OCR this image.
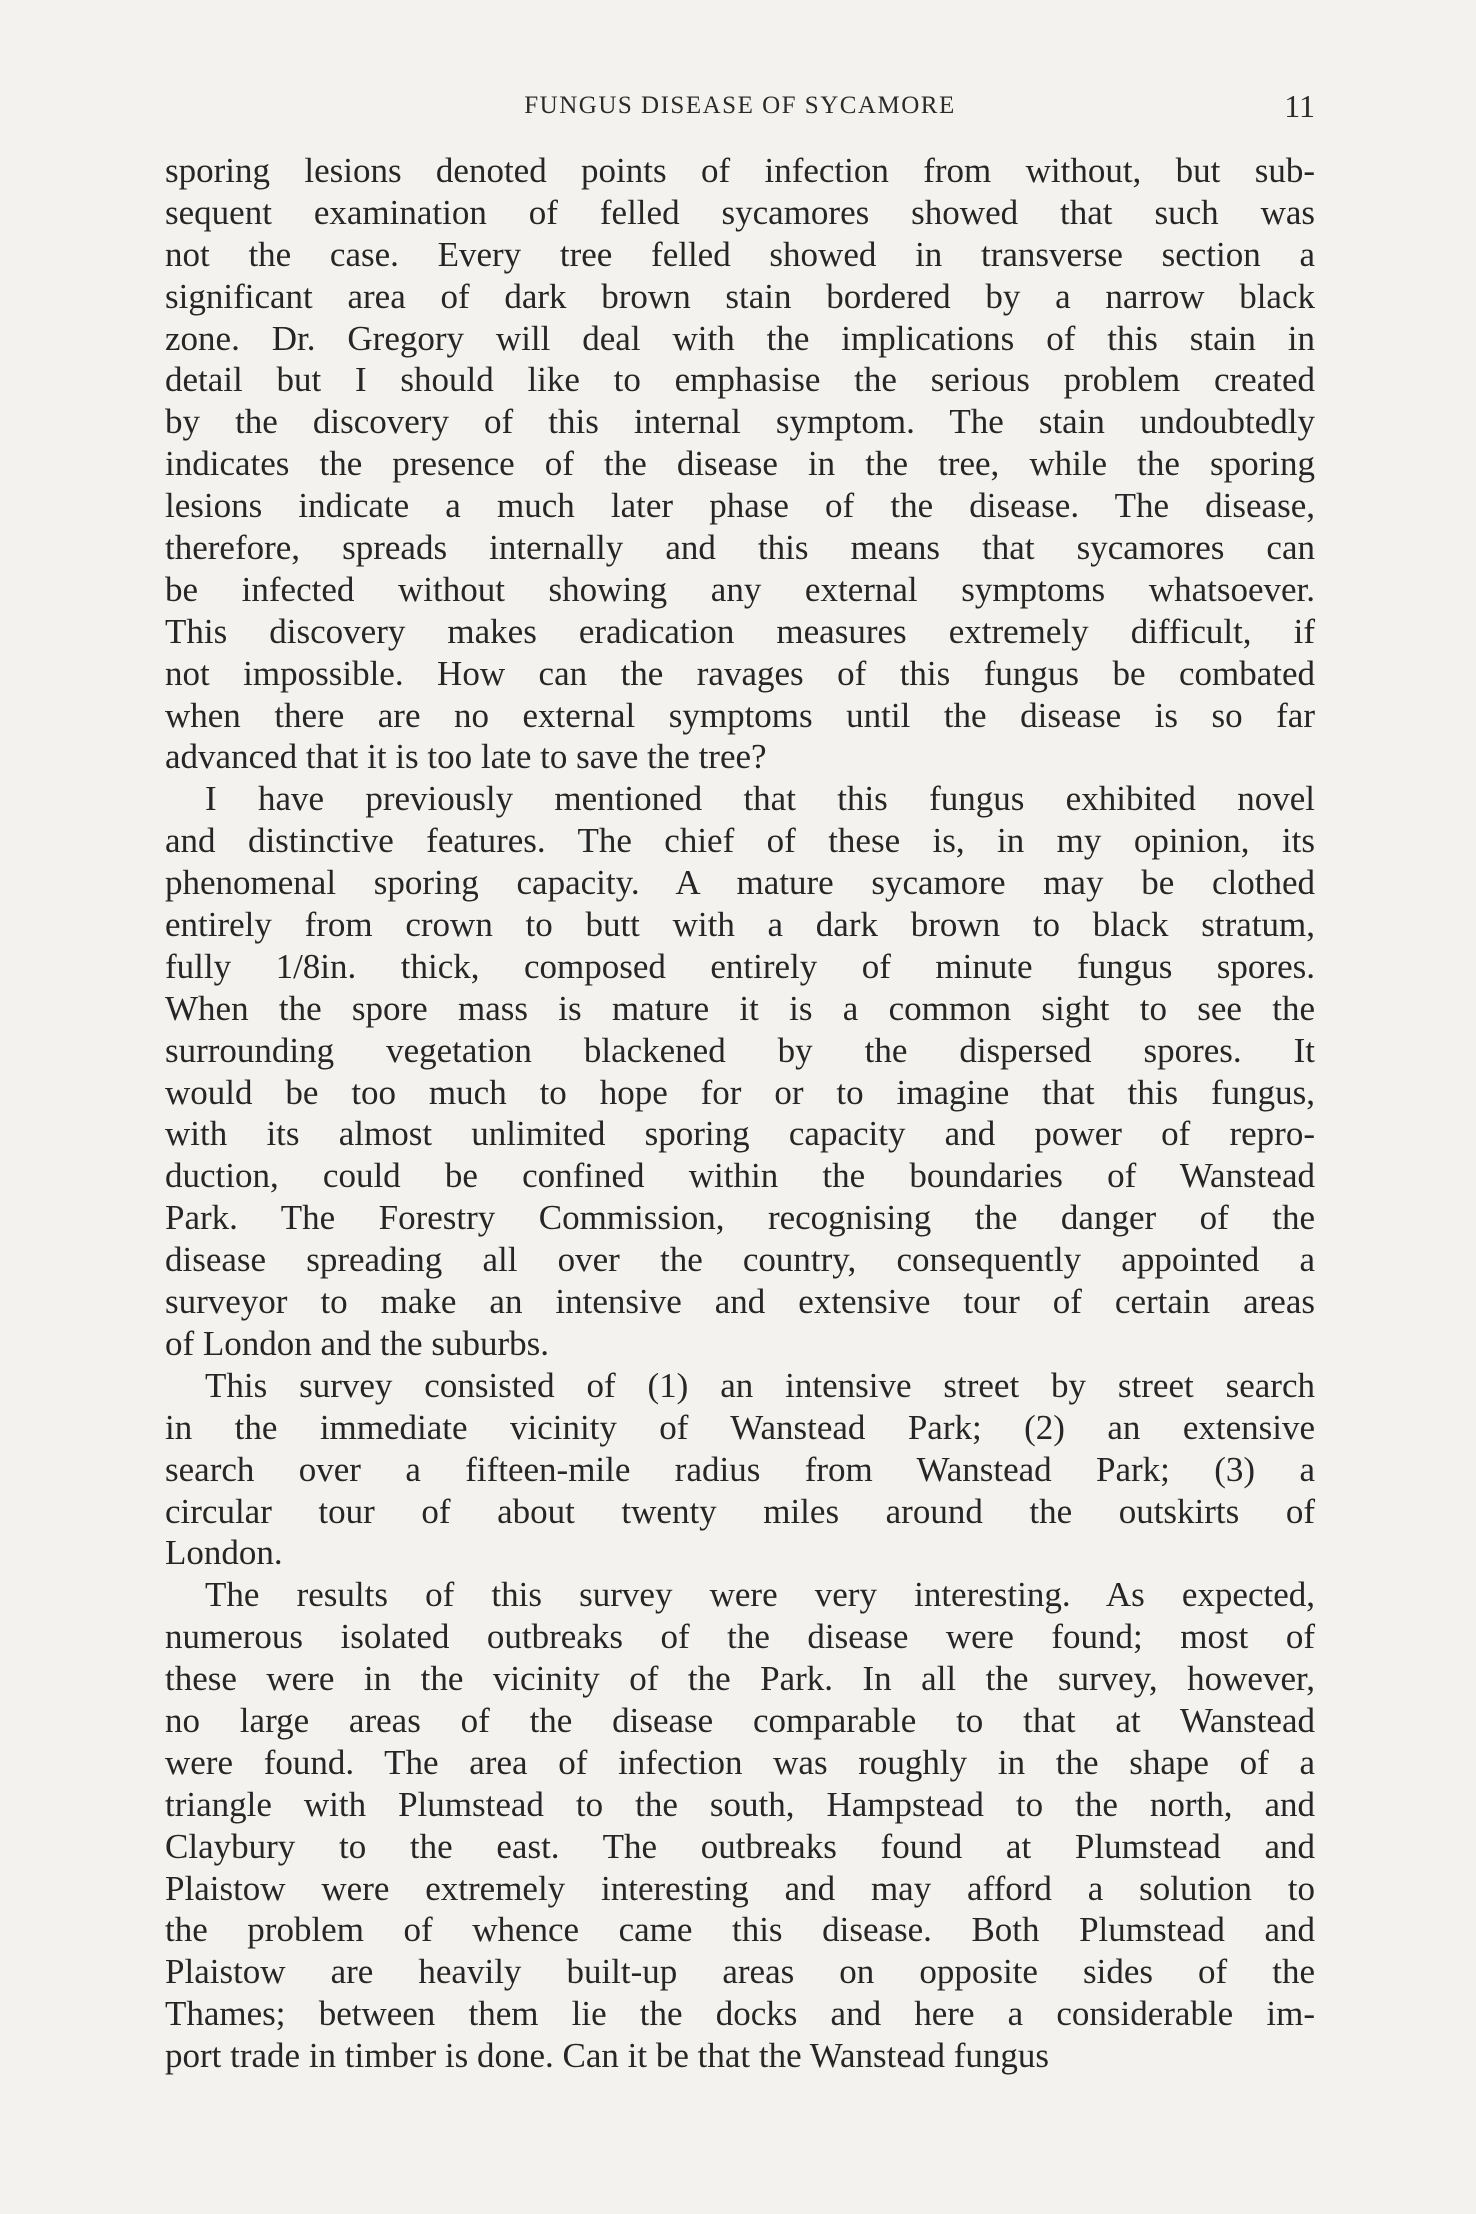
FUNGUS DISEASE OF SYCAMORE	11
sporing lesions denoted points of infection from without, but sub-
sequent examination of felled sycamores showed that such was
not the case. Every tree felled showed in transverse section a
significant area of dark brown stain bordered by a narrow black
zone. Dr. Gregory will deal with the implications of this stain in
detail but I should like to emphasise the serious problem created
by the discovery of this internal symptom. The stain undoubtedly
indicates the presence of the disease in the tree, while the sporing
lesions indicate a much later phase of the disease. The disease,
therefore, spreads internally and this means that sycamores can
be infected without showing any external symptoms whatsoever.
This discovery makes eradication measures extremely difficult, if
not impossible. How can the ravages of this fungus be combated
when there are no external symptoms until the disease is so far
advanced that it is too late to save the tree?
I have previously mentioned that this fungus exhibited novel
and distinctive features. The chief of these is, in my opinion, its
phenomenal sporing capacity. A mature sycamore may be clothed
entirely from crown to butt with a dark brown to black stratum,
fully 1/8in. thick, composed entirely of minute fungus spores.
When the spore mass is mature it is a common sight to see the
surrounding vegetation blackened by the dispersed spores. It
would be too much to hope for or to imagine that this fungus,
with its almost unlimited sporing capacity and power of repro-
duction, could be confined within the boundaries of Wanstead
Park. The Forestry Commission, recognising the danger of the
disease spreading all over the country, consequently appointed a
surveyor to make an intensive and extensive tour of certain areas
of London and the suburbs.
This survey consisted of (1) an intensive street by street search
in the immediate vicinity of Wanstead Park; (2) an extensive
search over a fifteen-mile radius from Wanstead Park; (3) a
circular tour of about twenty miles around the outskirts of
London.
The results of this survey were very interesting. As expected,
numerous isolated outbreaks of the disease were found; most of
these were in the vicinity of the Park. In all the survey, however,
no large areas of the disease comparable to that at Wanstead
were found. The area of infection was roughly in the shape of a
triangle with Plumstead to the south, Hampstead to the north, and
Claybury to the east. The outbreaks found at Plumstead and
Plaistow were extremely interesting and may afford a solution to
the problem of whence came this disease. Both Plumstead and
Plaistow are heavily built-up areas on opposite sides of the
Thames; between them lie the docks and here a considerable im-
port trade in timber is done. Can it be that the Wanstead fungus
